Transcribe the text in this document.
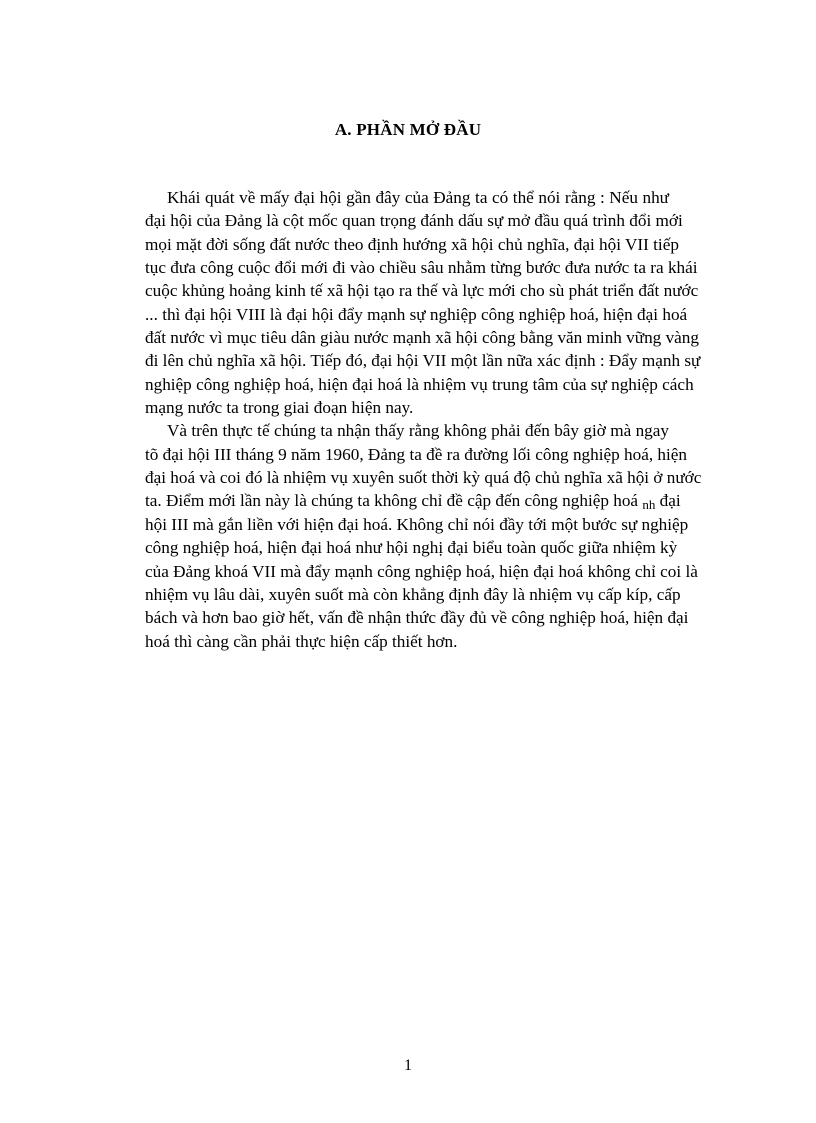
A. PHẦN MỞ ĐẦU
Khái quát về mấy đại hội gần đây của Đảng ta có thể nói rằng : Nếu như
đại hội của Đảng là cột mốc quan trọng đánh dấu sự mở đầu quá trình đổi mới
mọi mặt đời sống đất nước theo định hướng xã hội chủ nghĩa, đại hội VII tiếp
tục đưa công cuộc đổi mới đi vào chiều sâu nhằm từng bước đưa nước ta ra khái
cuộc khủng hoảng kinh tế xã hội tạo ra thế và lực mới cho sù phát triển đất nước
... thì đại hội VIII là đại hội đẩy mạnh sự nghiệp công nghiệp hoá, hiện đại hoá
đất nước vì mục tiêu dân giàu nước mạnh xã hội công bằng văn minh vững vàng
đi lên chủ nghĩa xã hội. Tiếp đó, đại hội VII một lần nữa xác định : Đẩy mạnh sự
nghiệp công nghiệp hoá, hiện đại hoá là nhiệm vụ trung tâm của sự nghiệp cách
mạng nước ta trong giai đoạn hiện nay.
Và trên thực tế chúng ta nhận thấy rằng không phải đến bây giờ mà ngay
tõ đại hội III tháng 9 năm 1960, Đảng ta đề ra đường lối công nghiệp hoá, hiện
đại hoá và coi đó là nhiệm vụ xuyên suốt thời kỳ quá độ chủ nghĩa xã hội ở nước
ta. Điểm mới lần này là chúng ta không chỉ đề cập đến công nghiệp hoá $_{nh}$ đại
hội III mà gắn liền với hiện đại hoá. Không chỉ nói đầy tới một bước sự nghiệp
công nghiệp hoá, hiện đại hoá như hội nghị đại biểu toàn quốc giữa nhiệm kỳ
của Đảng khoá VII mà đẩy mạnh công nghiệp hoá, hiện đại hoá không chỉ coi là
nhiệm vụ lâu dài, xuyên suốt mà còn khẳng định đây là nhiệm vụ cấp kíp, cấp
bách và hơn bao giờ hết, vấn đề nhận thức đầy đủ về công nghiệp hoá, hiện đại
hoá thì càng cần phải thực hiện cấp thiết hơn.
1
